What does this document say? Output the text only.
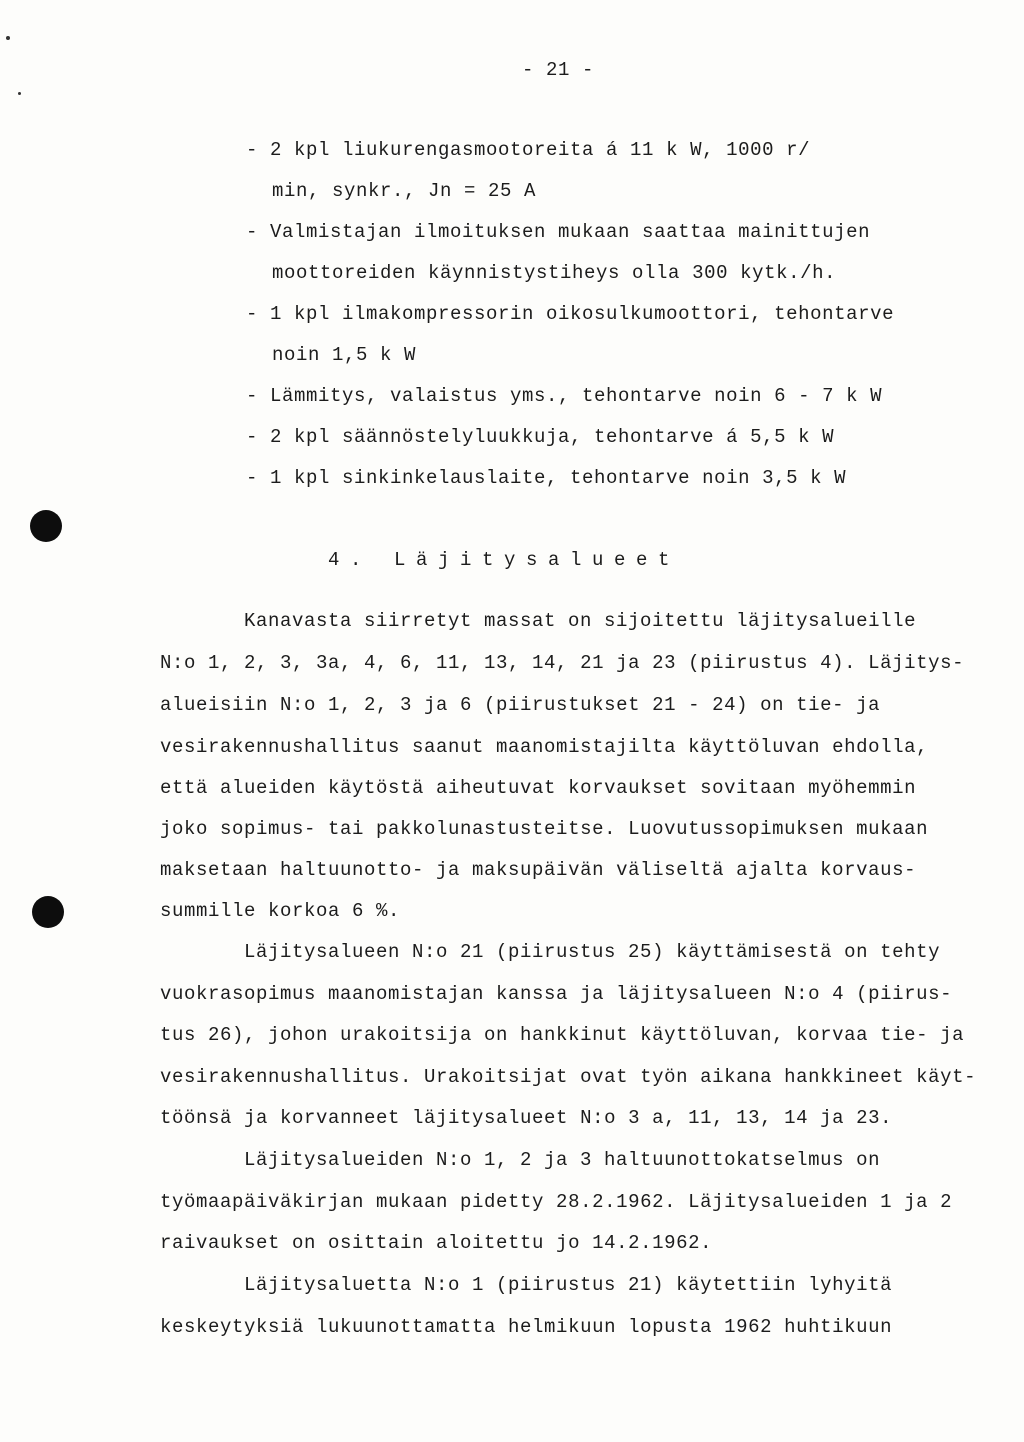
- 21 -
- 2 kpl liukurengasmootoreita á 11 k W, 1000 r/
min, synkr., Jn = 25 A
- Valmistajan ilmoituksen mukaan saattaa mainittujen
moottoreiden käynnistystiheys olla 300 kytk./h.
- 1 kpl ilmakompressorin oikosulkumoottori, tehontarve
noin 1,5 k W
- Lämmitys, valaistus yms., tehontarve noin 6 - 7 k W
- 2 kpl säännöstelyluukkuja, tehontarve á 5,5 k W
- 1 kpl sinkinkelauslaite, tehontarve noin 3,5 k W
4. Läjitysalueet
Kanavasta siirretyt massat on sijoitettu läjitysalueille
N:o 1, 2, 3, 3a, 4, 6, 11, 13, 14, 21 ja 23 (piirustus 4). Läjitys-
alueisiin N:o 1, 2, 3 ja 6 (piirustukset 21 - 24) on tie- ja
vesirakennushallitus saanut maanomistajilta käyttöluvan ehdolla,
että alueiden käytöstä aiheutuvat korvaukset sovitaan myöhemmin
joko sopimus- tai pakkolunastusteitse. Luovutussopimuksen mukaan
maksetaan haltuunotto- ja maksupäivän väliseltä ajalta korvaus-
summille korkoa 6 %.
Läjitysalueen N:o 21 (piirustus 25) käyttämisestä on tehty
vuokrasopimus maanomistajan kanssa ja läjitysalueen N:o 4 (piirus-
tus 26), johon urakoitsija on hankkinut käyttöluvan, korvaa tie- ja
vesirakennushallitus. Urakoitsijat ovat työn aikana hankkineet käyt-
töönsä ja korvanneet läjitysalueet N:o 3 a, 11, 13, 14 ja 23.
Läjitysalueiden N:o 1, 2 ja 3 haltuunottokatselmus on
työmaapäiväkirjan mukaan pidetty 28.2.1962. Läjitysalueiden 1 ja 2
raivaukset on osittain aloitettu jo 14.2.1962.
Läjitysaluetta N:o 1 (piirustus 21) käytettiin lyhyitä
keskeytyksiä lukuunottamatta helmikuun lopusta 1962 huhtikuun
